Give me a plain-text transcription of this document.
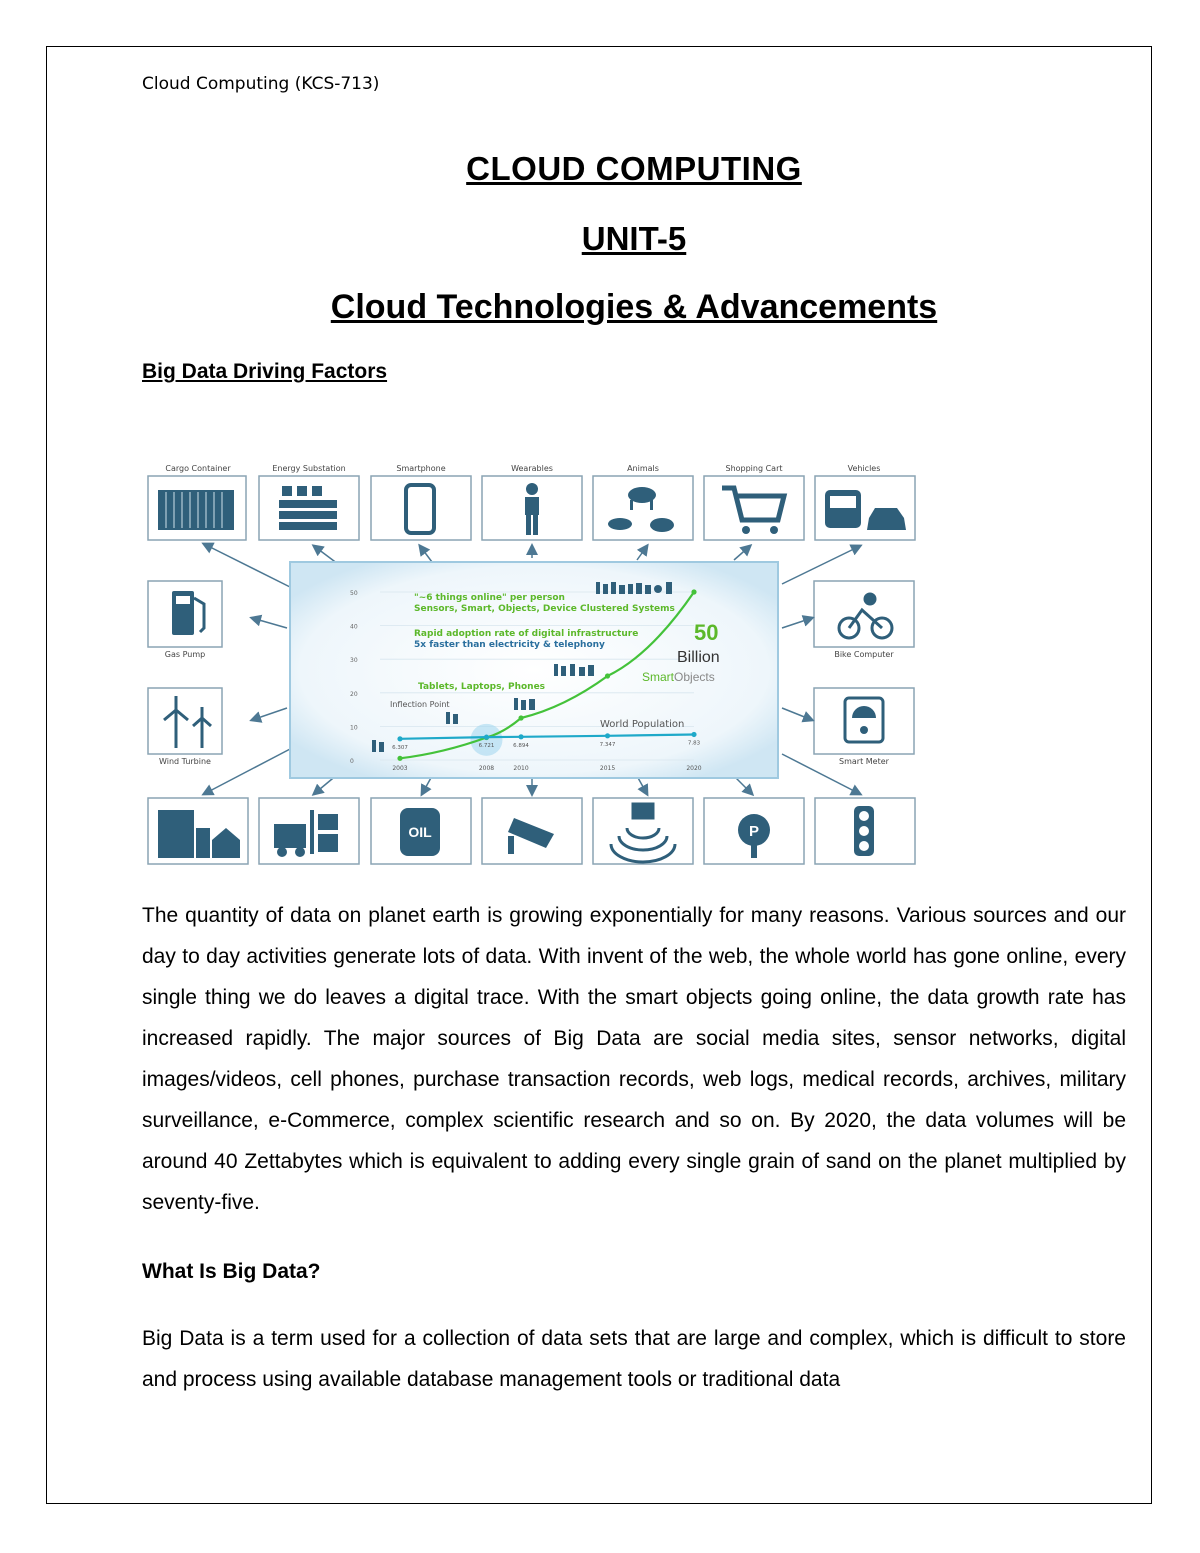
Cloud Computing (KCS-713)
CLOUD COMPUTING
UNIT-5
Cloud Technologies & Advancements
Big Data Driving Factors
Cargo Container	Energy Substation	Smartphone	Wearables	Animals	Shopping Cart	Vehicles
Gas Pump
Wind Turbine
Bike Computer
Smart Meter
OIL	P
0
10
20
30
40
50
2003	2008	2010	2015	2020
6.307	6.721	6.894	7.347	7.83
"~6 things online" per person
Sensors, Smart, Objects, Device Clustered Systems
Rapid adoption rate of digital infrastructure
5x faster than electricity & telephony
Tablets, Laptops, Phones
Inflection Point
World Population
50
Billion
SmartObjects
The quantity of data on planet earth is growing exponentially for many reasons. Various sources and our day to day activities generate lots of data. With invent of the web, the whole world has gone online, every single thing we do leaves a digital trace. With the smart objects going online, the data growth rate has increased rapidly. The major sources of Big Data are social media sites, sensor networks, digital images/videos, cell phones, purchase transaction records, web logs, medical records, archives, military surveillance, e-Commerce, complex scientific research and so on. By 2020, the data volumes will be around 40 Zettabytes which is equivalent to adding every single grain of sand on the planet multiplied by seventy-five.
What Is Big Data?
Big Data is a term used for a collection of data sets that are large and complex, which is difficult to store and process using available database management tools or traditional data
